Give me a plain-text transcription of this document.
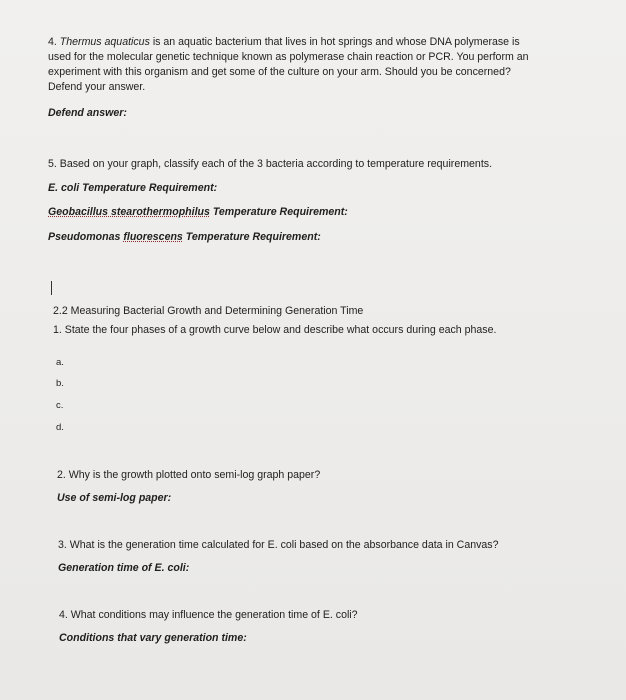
4. Thermus aquaticus is an aquatic bacterium that lives in hot springs and whose DNA polymerase is
used for the molecular genetic technique known as polymerase chain reaction or PCR. You perform an
experiment with this organism and get some of the culture on your arm. Should you be concerned?
Defend your answer.
Defend answer:
5. Based on your graph, classify each of the 3 bacteria according to temperature requirements.
E. coli Temperature Requirement:
Geobacillus stearothermophilus Temperature Requirement:
Pseudomonas fluorescens Temperature Requirement:
2.2 Measuring Bacterial Growth and Determining Generation Time
1. State the four phases of a growth curve below and describe what occurs during each phase.
a.
b.
c.
d.
2. Why is the growth plotted onto semi-log graph paper?
Use of semi-log paper:
3. What is the generation time calculated for E. coli based on the absorbance data in Canvas?
Generation time of E. coli:
4. What conditions may influence the generation time of E. coli?
Conditions that vary generation time:
